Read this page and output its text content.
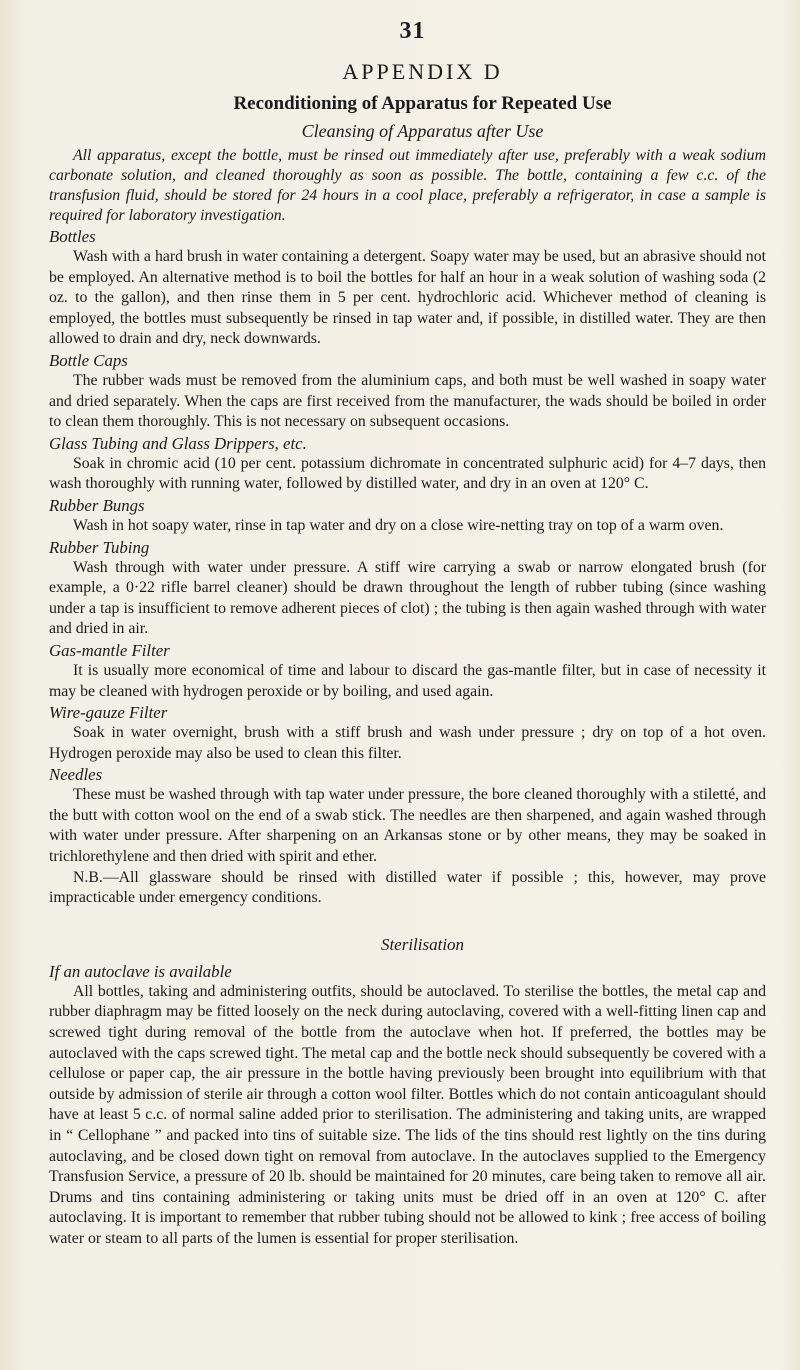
31
APPENDIX D
Reconditioning of Apparatus for Repeated Use
Cleansing of Apparatus after Use

All apparatus, except the bottle, must be rinsed out immediately after use, preferably with a weak sodium carbonate solution, and cleaned thoroughly as soon as possible. The bottle, containing a few c.c. of the transfusion fluid, should be stored for 24 hours in a cool place, preferably a refrigerator, in case a sample is required for laboratory investigation.

Bottles

Wash with a hard brush in water containing a detergent. Soapy water may be used, but an abrasive should not be employed. An alternative method is to boil the bottles for half an hour in a weak solution of washing soda (2 oz. to the gallon), and then rinse them in 5 per cent. hydrochloric acid. Whichever method of cleaning is employed, the bottles must subsequently be rinsed in tap water and, if possible, in distilled water. They are then allowed to drain and dry, neck downwards.

Bottle Caps

The rubber wads must be removed from the aluminium caps, and both must be well washed in soapy water and dried separately. When the caps are first received from the manufacturer, the wads should be boiled in order to clean them thoroughly. This is not necessary on subsequent occasions.

Glass Tubing and Glass Drippers, etc.

Soak in chromic acid (10 per cent. potassium dichromate in concentrated sulphuric acid) for 4–7 days, then wash thoroughly with running water, followed by distilled water, and dry in an oven at 120° C.

Rubber Bungs

Wash in hot soapy water, rinse in tap water and dry on a close wire-netting tray on top of a warm oven.

Rubber Tubing

Wash through with water under pressure. A stiff wire carrying a swab or narrow elongated brush (for example, a 0·22 rifle barrel cleaner) should be drawn throughout the length of rubber tubing (since washing under a tap is insufficient to remove adherent pieces of clot) ; the tubing is then again washed through with water and dried in air.

Gas-mantle Filter

It is usually more economical of time and labour to discard the gas-mantle filter, but in case of necessity it may be cleaned with hydrogen peroxide or by boiling, and used again.

Wire-gauze Filter

Soak in water overnight, brush with a stiff brush and wash under pressure ; dry on top of a hot oven. Hydrogen peroxide may also be used to clean this filter.

Needles

These must be washed through with tap water under pressure, the bore cleaned thoroughly with a stiletté, and the butt with cotton wool on the end of a swab stick. The needles are then sharpened, and again washed through with water under pressure. After sharpening on an Arkansas stone or by other means, they may be soaked in trichlorethylene and then dried with spirit and ether.

N.B.—All glassware should be rinsed with distilled water if possible ; this, however, may prove impracticable under emergency conditions.

Sterilisation
If an autoclave is available

All bottles, taking and administering outfits, should be autoclaved. To sterilise the bottles, the metal cap and rubber diaphragm may be fitted loosely on the neck during autoclaving, covered with a well-fitting linen cap and screwed tight during removal of the bottle from the autoclave when hot. If preferred, the bottles may be autoclaved with the caps screwed tight. The metal cap and the bottle neck should subsequently be covered with a cellulose or paper cap, the air pressure in the bottle having previously been brought into equilibrium with that outside by admission of sterile air through a cotton wool filter. Bottles which do not contain anticoagulant should have at least 5 c.c. of normal saline added prior to sterilisation. The administering and taking units, are wrapped in “ Cellophane ” and packed into tins of suitable size. The lids of the tins should rest lightly on the tins during autoclaving, and be closed down tight on removal from autoclave. In the autoclaves supplied to the Emergency Transfusion Service, a pressure of 20 lb. should be maintained for 20 minutes, care being taken to remove all air. Drums and tins containing administering or taking units must be dried off in an oven at 120° C. after autoclaving. It is important to remember that rubber tubing should not be allowed to kink ; free access of boiling water or steam to all parts of the lumen is essential for proper sterilisation.
